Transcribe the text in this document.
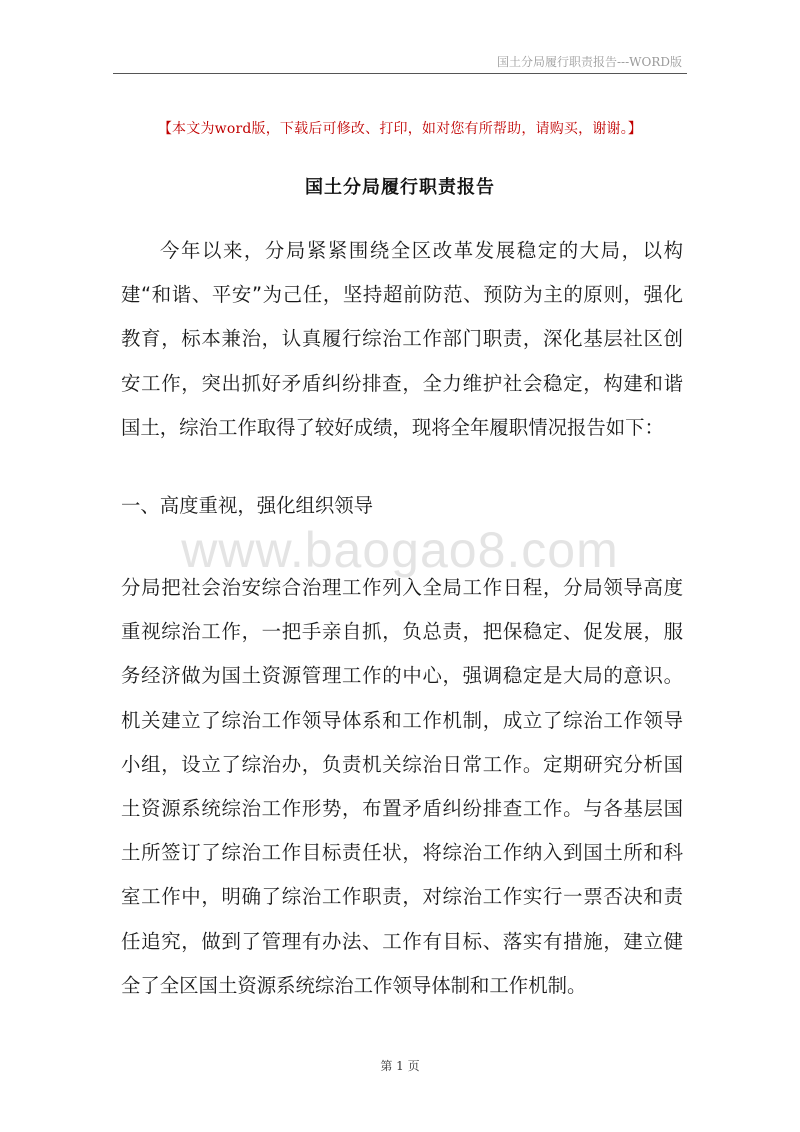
国土分局履行职责报告---WORD版
【本文为word版，下载后可修改、打印，如对您有所帮助，请购买，谢谢。】
国土分局履行职责报告

今年以来，分局紧紧围绕全区改革发展稳定的大局，以构建“和谐、平安”为己任，坚持超前防范、预防为主的原则，强化教育，标本兼治，认真履行综治工作部门职责，深化基层社区创安工作，突出抓好矛盾纠纷排查，全力维护社会稳定，构建和谐国土，综治工作取得了较好成绩，现将全年履职情况报告如下：

一、高度重视，强化组织领导
www.baogao8.com

分局把社会治安综合治理工作列入全局工作日程，分局领导高度重视综治工作，一把手亲自抓，负总责，把保稳定、促发展，服务经济做为国土资源管理工作的中心，强调稳定是大局的意识。机关建立了综治工作领导体系和工作机制，成立了综治工作领导小组，设立了综治办，负责机关综治日常工作。定期研究分析国土资源系统综治工作形势，布置矛盾纠纷排查工作。与各基层国土所签订了综治工作目标责任状，将综治工作纳入到国土所和科室工作中，明确了综治工作职责，对综治工作实行一票否决和责任追究，做到了管理有办法、工作有目标、落实有措施，建立健全了全区国土资源系统综治工作领导体制和工作机制。

第 1 页
